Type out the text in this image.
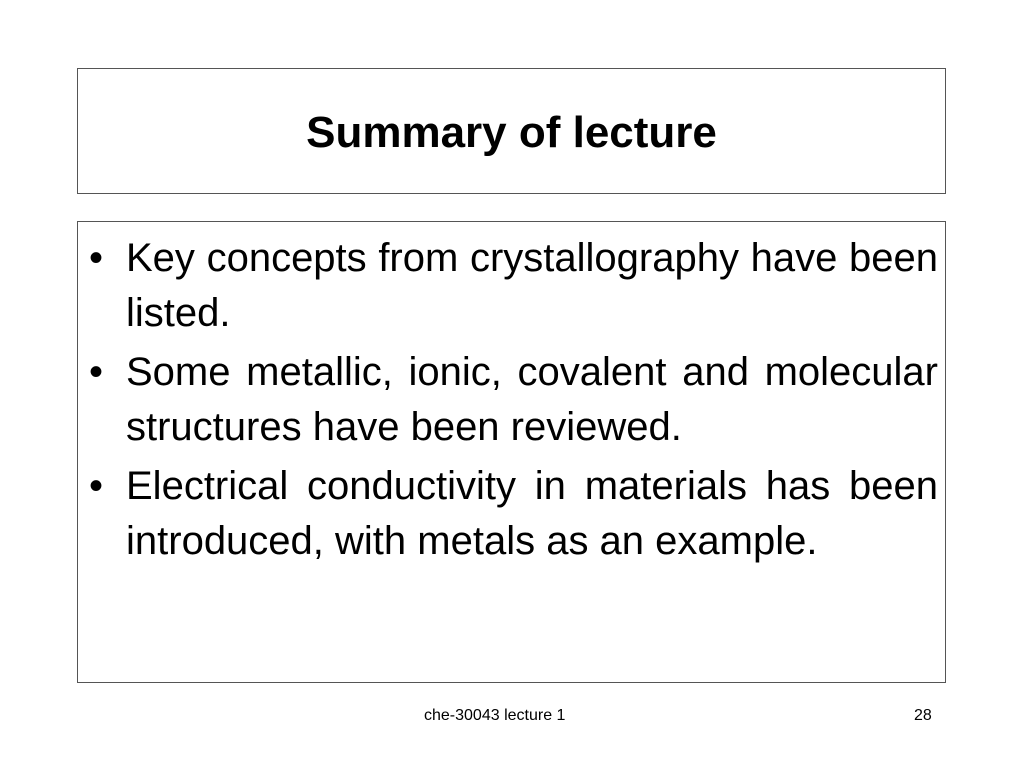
Summary of lecture
• Key concepts from crystallography have been listed.
• Some metallic, ionic, covalent and molecular structures have been reviewed.
• Electrical conductivity in materials has been introduced, with metals as an example.
che-30043 lecture 1	28
